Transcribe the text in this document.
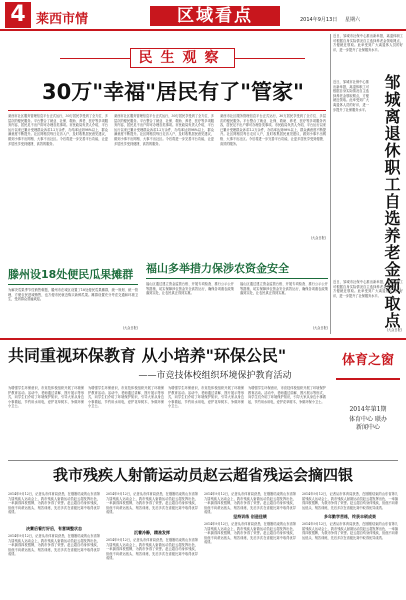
4 莱西市情	区域看点	2014年9月13日 星期六
近日，邹城市社保中心推出新举措，离退休职工可根据自身实际情况自主选择养老金领取网点，方便就近领取。此举受到广大离退休人员的好评，进一步提升了社保服务水平。
邹城离退休职工自选养老金领取点
近日，邹城市社保中心推出新举措，离退休职工可根据自身实际情况自主选择养老金领取网点，方便就近领取。此举受到广大离退休人员的好评，进一步提升了社保服务水平。
近日，邹城市社保中心推出新举措，离退休职工可根据自身实际情况自主选择养老金领取网点，方便就近领取。此举受到广大离退休人员的好评，进一步提升了社保服务水平。
(大众日报)
民生观察
30万"幸福"居民有了"管家"
莱西市社区服务管理信息平台正式运行，30万居民享受到了全方位、多层次的便民服务。平台整合了就业、社保、救助、养老、医疗等多项服务内容，居民足不出户即可办理各类事项。市民政局负责人介绍，平台运行以来已累计受理群众诉求1.2万余件，办结率达到98%以上，群众满意度不断提升。社区网格员每日走访入户，及时收集居民意见建议，做到小事不出网格、大事不出社区。今后将进一步完善平台功能，让更多居民享受到便捷、高效的服务。
莱西市社区服务管理信息平台正式运行，30万居民享受到了全方位、多层次的便民服务。平台整合了就业、社保、救助、养老、医疗等多项服务内容，居民足不出户即可办理各类事项。市民政局负责人介绍，平台运行以来已累计受理群众诉求1.2万余件，办结率达到98%以上，群众满意度不断提升。社区网格员每日走访入户，及时收集居民意见建议，做到小事不出网格、大事不出社区。今后将进一步完善平台功能，让更多居民享受到便捷、高效的服务。
莱西市社区服务管理信息平台正式运行，30万居民享受到了全方位、多层次的便民服务。平台整合了就业、社保、救助、养老、医疗等多项服务内容，居民足不出户即可办理各类事项。市民政局负责人介绍，平台运行以来已累计受理群众诉求1.2万余件，办结率达到98%以上，群众满意度不断提升。社区网格员每日走访入户，及时收集居民意见建议，做到小事不出网格、大事不出社区。今后将进一步完善平台功能，让更多居民享受到便捷、高效的服务。
(大众日报)
滕州设18处便民瓜果摊群
为解决瓜果季节性销售难题，滕州市在城区设置了18处便民瓜果摊群，统一规划、统一管理，方便农民进城销售，也方便市民就近购买新鲜瓜果。摊群设置充分考虑交通和环境卫生，受到群众普遍欢迎。
(大众日报)
福山多举措力保涉农资金安全
福山区通过建立资金监管台账、开展专项检查、推行公示公开等措施，切实保障涉农资金安全高效运行，确保各项惠农政策落到实处，让农民真正得到实惠。
福山区通过建立资金监管台账、开展专项检查、推行公示公开等措施，切实保障涉农资金安全高效运行，确保各项惠农政策落到实处，让农民真正得到实惠。
(大众日报)
共同重视环保教育 从小培养"环保公民"
——市竞技体校组织环境保护教育活动
为增强学生环保意识，市竞技体校组织开展了环境保护教育活动。活动中，老师通过讲解、图片展示等形式，向学生们介绍了环境保护知识，引导大家从身边小事做起，节约用水用电，爱护花草树木，争做环保小卫士。
为增强学生环保意识，市竞技体校组织开展了环境保护教育活动。活动中，老师通过讲解、图片展示等形式，向学生们介绍了环境保护知识，引导大家从身边小事做起，节约用水用电，爱护花草树木，争做环保小卫士。
为增强学生环保意识，市竞技体校组织开展了环境保护教育活动。活动中，老师通过讲解、图片展示等形式，向学生们介绍了环境保护知识，引导大家从身边小事做起，节约用水用电，爱护花草树木，争做环保小卫士。
为增强学生环保意识，市竞技体校组织开展了环境保护教育活动。活动中，老师通过讲解、图片展示等形式，向学生们介绍了环境保护知识，引导大家从身边小事做起，节约用水用电，爱护花草树木，争做环保小卫士。
体育之窗
2014年第1期
体育中心 联办
新闻中心
我市残疾人射箭运动员赵云超省残运会摘四银
2014年9月12日，记者从市体育局获悉，在刚刚结束的山东省第九届残疾人运动会上，我市残疾人射箭运动员赵云超发挥出色，一举摘得四枚银牌，为我市争得了荣誉。赵云超自幼身体残疾，但他不向命运低头，刻苦训练，先后多次在省级比赛中取得优异成绩。
决赛后看打好后，有意调整状态
2014年9月12日，记者从市体育局获悉，在刚刚结束的山东省第九届残疾人运动会上，我市残疾人射箭运动员赵云超发挥出色，一举摘得四枚银牌，为我市争得了荣誉。赵云超自幼身体残疾，但他不向命运低头，刻苦训练，先后多次在省级比赛中取得优异成绩。
2014年9月12日，记者从市体育局获悉，在刚刚结束的山东省第九届残疾人运动会上，我市残疾人射箭运动员赵云超发挥出色，一举摘得四枚银牌，为我市争得了荣誉。赵云超自幼身体残疾，但他不向命运低头，刻苦训练，先后多次在省级比赛中取得优异成绩。
沉着冷静，精准发挥
2014年9月12日，记者从市体育局获悉，在刚刚结束的山东省第九届残疾人运动会上，我市残疾人射箭运动员赵云超发挥出色，一举摘得四枚银牌，为我市争得了荣誉。赵云超自幼身体残疾，但他不向命运低头，刻苦训练，先后多次在省级比赛中取得优异成绩。
2014年9月12日，记者从市体育局获悉，在刚刚结束的山东省第九届残疾人运动会上，我市残疾人射箭运动员赵云超发挥出色，一举摘得四枚银牌，为我市争得了荣誉。赵云超自幼身体残疾，但他不向命运低头，刻苦训练，先后多次在省级比赛中取得优异成绩。
坚持训练 创造佳绩
2014年9月12日，记者从市体育局获悉，在刚刚结束的山东省第九届残疾人运动会上，我市残疾人射箭运动员赵云超发挥出色，一举摘得四枚银牌，为我市争得了荣誉。赵云超自幼身体残疾，但他不向命运低头，刻苦训练，先后多次在省级比赛中取得优异成绩。
2014年9月12日，记者从市体育局获悉，在刚刚结束的山东省第九届残疾人运动会上，我市残疾人射箭运动员赵云超发挥出色，一举摘得四枚银牌，为我市争得了荣誉。赵云超自幼身体残疾，但他不向命运低头，刻苦训练，先后多次在省级比赛中取得优异成绩。
多年勤学苦练，终获丰硕成果
2014年9月12日，记者从市体育局获悉，在刚刚结束的山东省第九届残疾人运动会上，我市残疾人射箭运动员赵云超发挥出色，一举摘得四枚银牌，为我市争得了荣誉。赵云超自幼身体残疾，但他不向命运低头，刻苦训练，先后多次在省级比赛中取得优异成绩。
